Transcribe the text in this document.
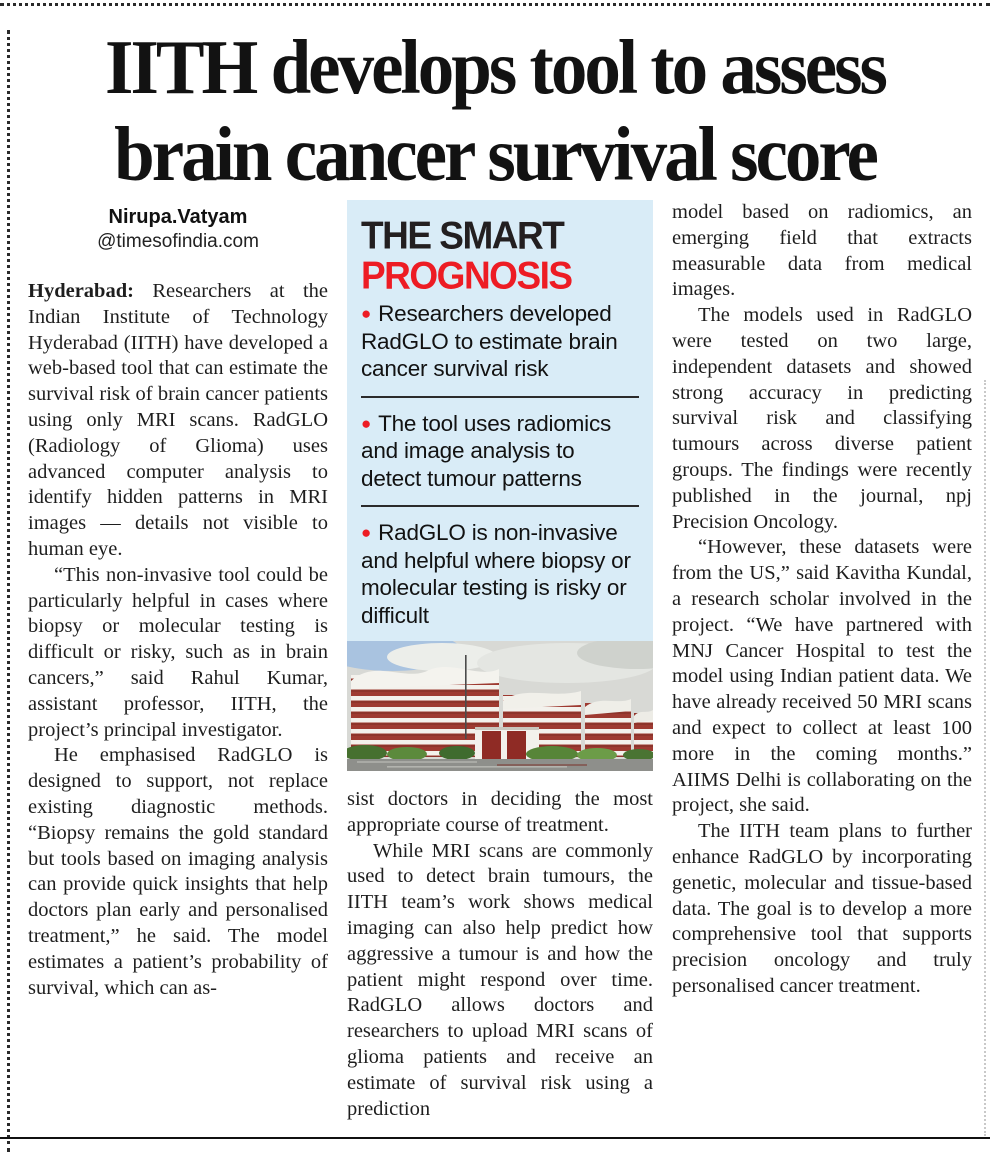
IITH develops tool to assess
brain cancer survival score
Nirupa.Vatyam
@timesofindia.com

Hyderabad: Researchers at the Indian Institute of Technology Hyderabad (IITH) have developed a web-based tool that can estimate the survival risk of brain cancer patients using only MRI scans. RadGLO (Radiology of Glioma) uses advanced computer analysis to identify hidden patterns in MRI images — details not visible to human eye.

“This non-invasive tool could be particularly helpful in cases where biopsy or molecular testing is difficult or risky, such as in brain cancers,” said Rahul Kumar, assistant professor, IITH, the project’s principal investigator.

He emphasised RadGLO is designed to support, not replace existing diagnostic methods. “Biopsy remains the gold standard but tools based on imaging analysis can provide quick insights that help doctors plan early and personalised treatment,” he said. The model estimates a patient’s probability of survival, which can as-

THE SMART
PROGNOSIS
● Researchers developed RadGLO to estimate brain cancer survival risk
● The tool uses radiomics and image analysis to detect tumour patterns
● RadGLO is non-invasive and helpful where biopsy or molecular testing is risky or difficult

sist doctors in deciding the most appropriate course of treatment.

While MRI scans are commonly used to detect brain tumours, the IITH team’s work shows medical imaging can also help predict how aggressive a tumour is and how the patient might respond over time. RadGLO allows doctors and researchers to upload MRI scans of glioma patients and receive an estimate of survival risk using a prediction

model based on radiomics, an emerging field that extracts measurable data from medical images.

The models used in RadGLO were tested on two large, independent datasets and showed strong accuracy in predicting survival risk and classifying tumours across diverse patient groups. The findings were recently published in the journal, npj Precision Oncology.

“However, these datasets were from the US,” said Kavitha Kundal, a research scholar involved in the project. “We have partnered with MNJ Cancer Hospital to test the model using Indian patient data. We have already received 50 MRI scans and expect to collect at least 100 more in the coming months.” AIIMS Delhi is collaborating on the project, she said.

The IITH team plans to further enhance RadGLO by incorporating genetic, molecular and tissue-based data. The goal is to develop a more comprehensive tool that supports precision oncology and truly personalised cancer treatment.
